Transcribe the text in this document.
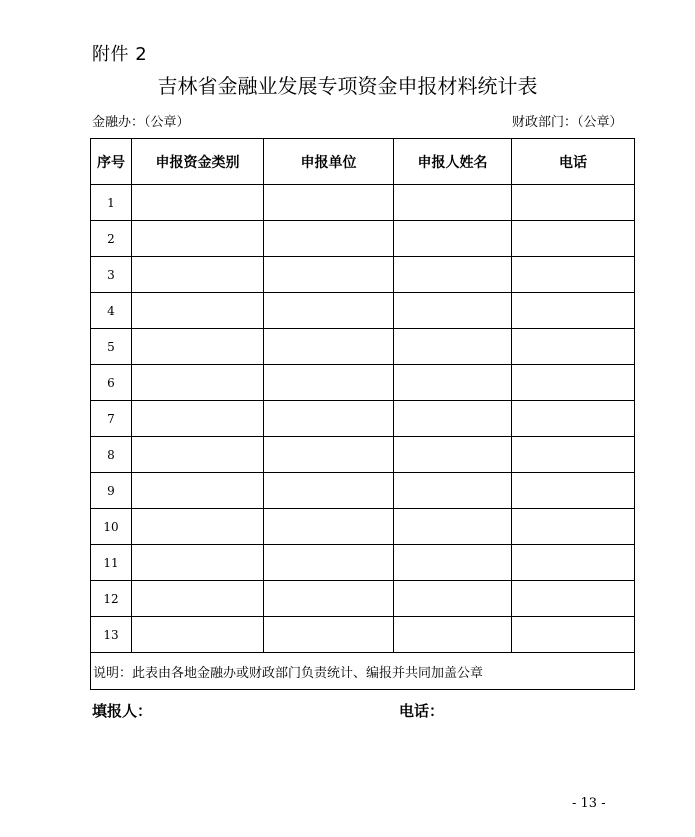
附件 2
吉林省金融业发展专项资金申报材料统计表
金融办：（公章）	财政部门：（公章）
序号	申报资金类别	申报单位	申报人姓名	电话
1				
2				
3				
4				
5				
6				
7				
8				
9				
10				
11				
12				
13				
说明：此表由各地金融办或财政部门负责统计、编报并共同加盖公章				
填报人：	电话：
- 13 -
